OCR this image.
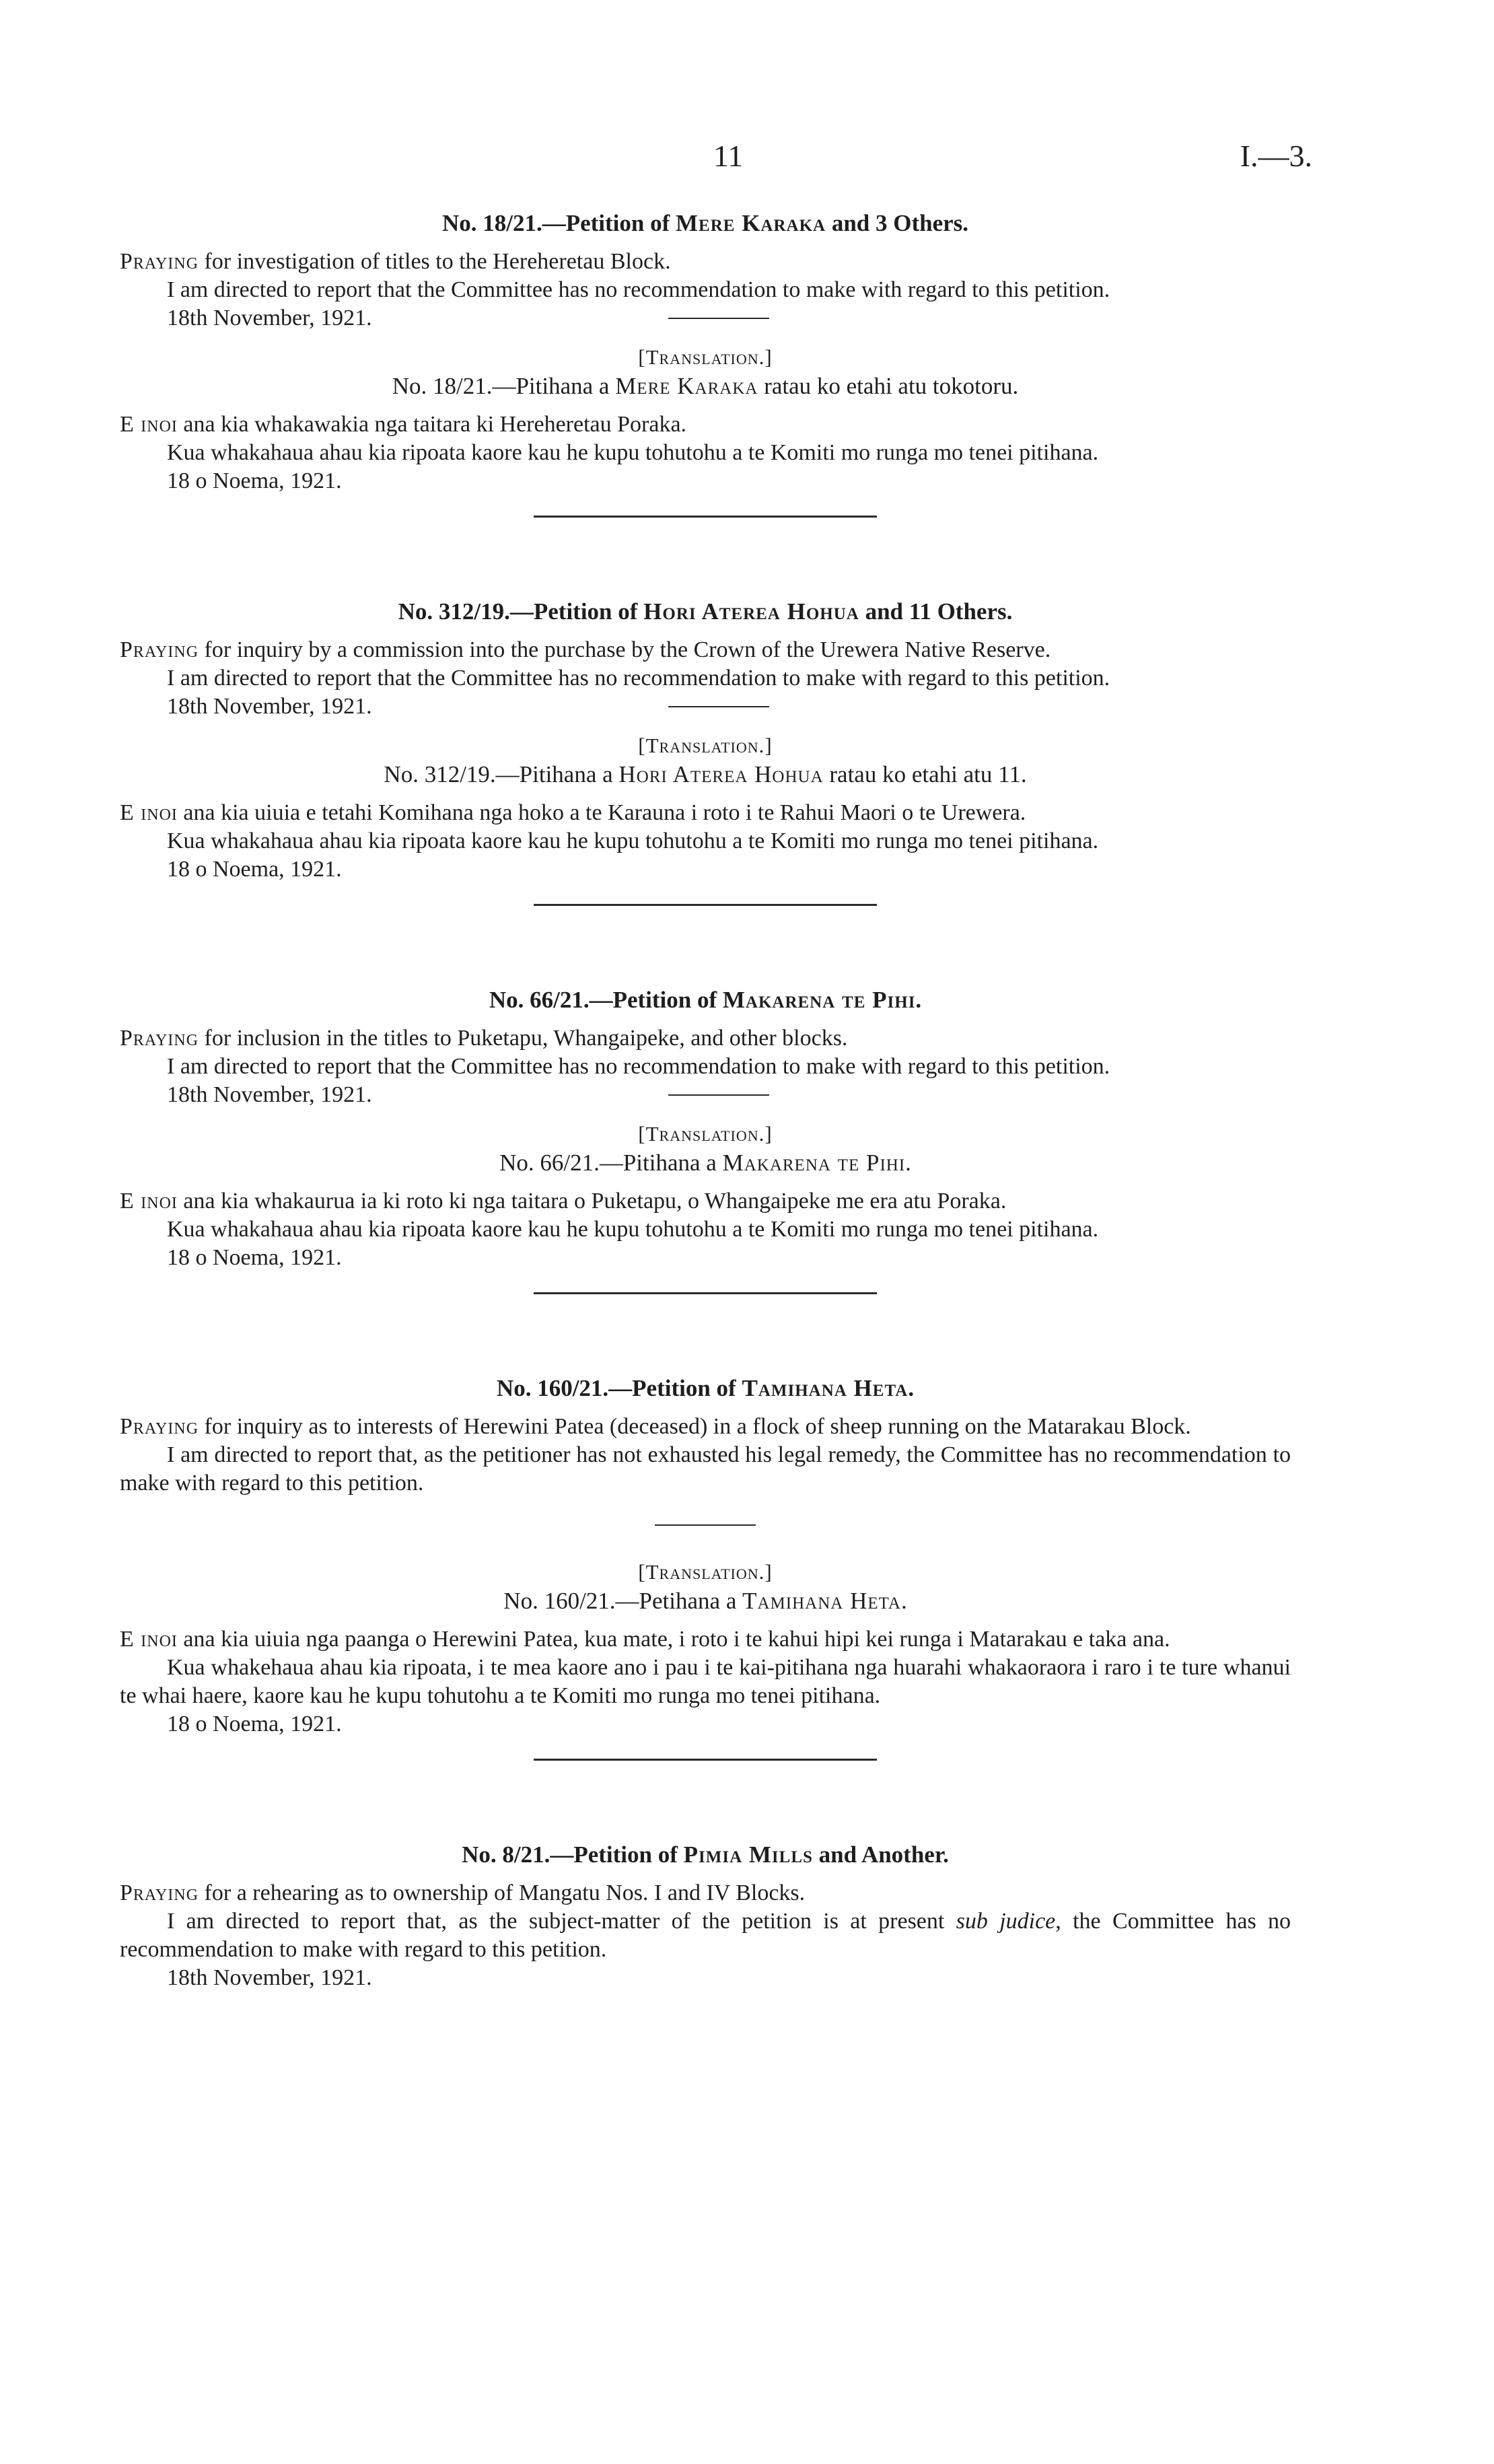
11	I.—3.
No. 18/21.—Petition of Mere Karaka and 3 Others.

Praying for investigation of titles to the Hereheretau Block.

I am directed to report that the Committee has no recommendation to make with regard to this petition.

18th November, 1921.

[Translation.]

No. 18/21.—Pitihana a Mere Karaka ratau ko etahi atu tokotoru.

E inoi ana kia whakawakia nga taitara ki Hereheretau Poraka.

Kua whakahaua ahau kia ripoata kaore kau he kupu tohutohu a te Komiti mo runga mo tenei pitihana.

18 o Noema, 1921.

No. 312/19.—Petition of Hori Aterea Hohua and 11 Others.

Praying for inquiry by a commission into the purchase by the Crown of the Urewera Native Reserve.

I am directed to report that the Committee has no recommendation to make with regard to this petition.

18th November, 1921.

[Translation.]

No. 312/19.—Pitihana a Hori Aterea Hohua ratau ko etahi atu 11.

E inoi ana kia uiuia e tetahi Komihana nga hoko a te Karauna i roto i te Rahui Maori o te Urewera.

Kua whakahaua ahau kia ripoata kaore kau he kupu tohutohu a te Komiti mo runga mo tenei pitihana.

18 o Noema, 1921.

No. 66/21.—Petition of Makarena te Pihi.

Praying for inclusion in the titles to Puketapu, Whangaipeke, and other blocks.

I am directed to report that the Committee has no recommendation to make with regard to this petition.

18th November, 1921.

[Translation.]

No. 66/21.—Pitihana a Makarena te Pihi.

E inoi ana kia whakaurua ia ki roto ki nga taitara o Puketapu, o Whangaipeke me era atu Poraka.

Kua whakahaua ahau kia ripoata kaore kau he kupu tohutohu a te Komiti mo runga mo tenei pitihana.

18 o Noema, 1921.

No. 160/21.—Petition of Tamihana Heta.

Praying for inquiry as to interests of Herewini Patea (deceased) in a flock of sheep running on the Matarakau Block.

I am directed to report that, as the petitioner has not exhausted his legal remedy, the Committee has no recommendation to make with regard to this petition.

[Translation.]

No. 160/21.—Petihana a Tamihana Heta.

E inoi ana kia uiuia nga paanga o Herewini Patea, kua mate, i roto i te kahui hipi kei runga i Matarakau e taka ana.

Kua whakehaua ahau kia ripoata, i te mea kaore ano i pau i te kai-pitihana nga huarahi whakaoraora i raro i te ture whanui te whai haere, kaore kau he kupu tohutohu a te Komiti mo runga mo tenei pitihana.

18 o Noema, 1921.

No. 8/21.—Petition of Pimia Mills and Another.

Praying for a rehearing as to ownership of Mangatu Nos. I and IV Blocks.

I am directed to report that, as the subject-matter of the petition is at present sub judice, the Committee has no recommendation to make with regard to this petition.

18th November, 1921.
